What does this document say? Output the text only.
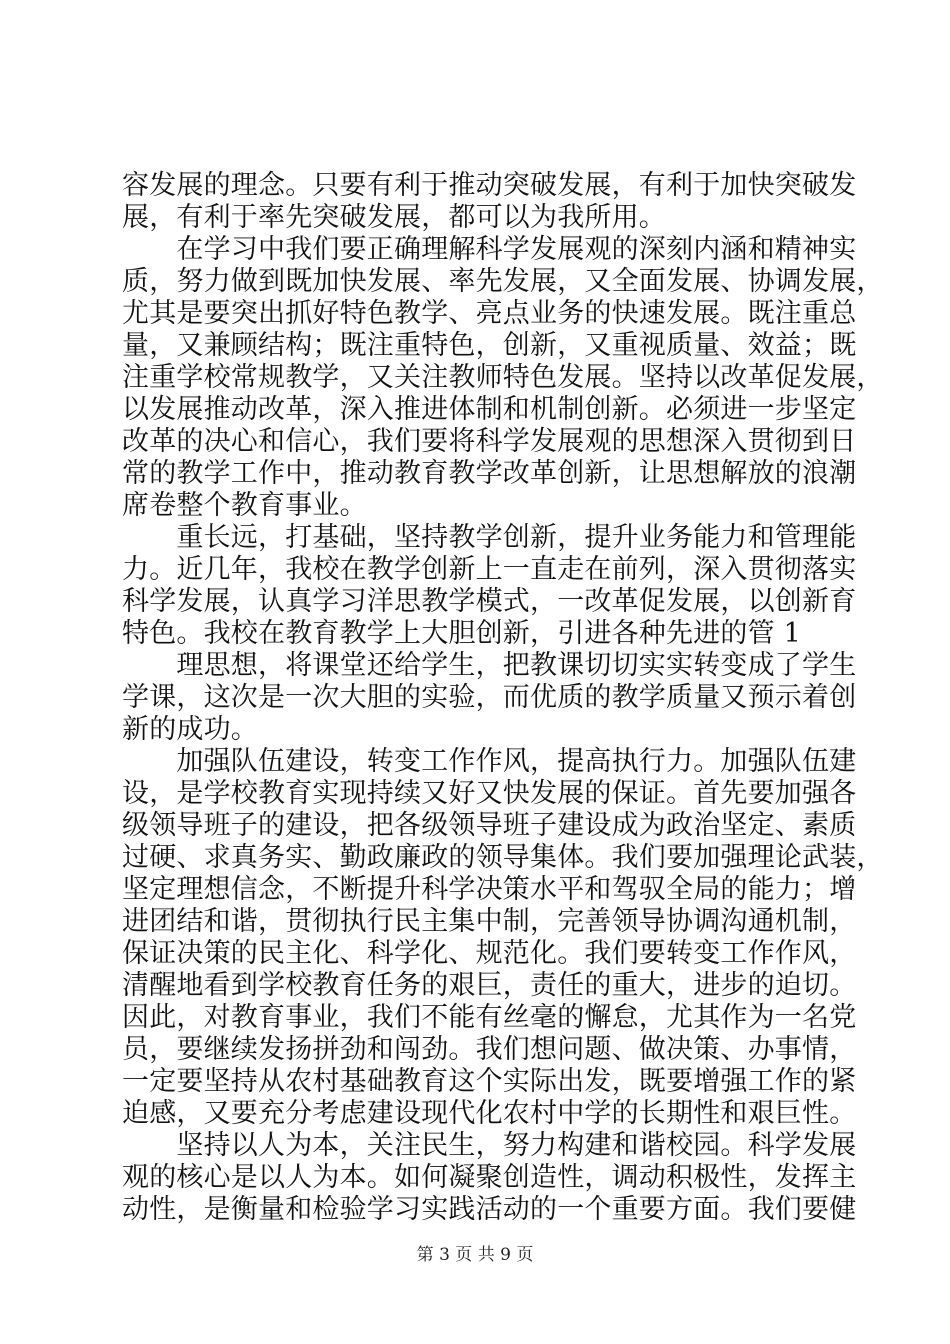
容发展的理念。只要有利于推动突破发展，有利于加快突破发
展，有利于率先突破发展，都可以为我所用。
　　在学习中我们要正确理解科学发展观的深刻内涵和精神实
质，努力做到既加快发展、率先发展，又全面发展、协调发展，
尤其是要突出抓好特色教学、亮点业务的快速发展。既注重总
量，又兼顾结构；既注重特色，创新，又重视质量、效益；既
注重学校常规教学，又关注教师特色发展。坚持以改革促发展，
以发展推动改革，深入推进体制和机制创新。必须进一步坚定
改革的决心和信心，我们要将科学发展观的思想深入贯彻到日
常的教学工作中，推动教育教学改革创新，让思想解放的浪潮
席卷整个教育事业。
　　重长远，打基础，坚持教学创新，提升业务能力和管理能
力。近几年，我校在教学创新上一直走在前列，深入贯彻落实
科学发展，认真学习洋思教学模式，一改革促发展，以创新育
特色。我校在教育教学上大胆创新，引进各种先进的管 1
　　理思想，将课堂还给学生，把教课切切实实转变成了学生
学课，这次是一次大胆的实验，而优质的教学质量又预示着创
新的成功。
　　加强队伍建设，转变工作作风，提高执行力。加强队伍建
设，是学校教育实现持续又好又快发展的保证。首先要加强各
级领导班子的建设，把各级领导班子建设成为政治坚定、素质
过硬、求真务实、勤政廉政的领导集体。我们要加强理论武装，
坚定理想信念，不断提升科学决策水平和驾驭全局的能力；增
进团结和谐，贯彻执行民主集中制，完善领导协调沟通机制，
保证决策的民主化、科学化、规范化。我们要转变工作作风，
清醒地看到学校教育任务的艰巨，责任的重大，进步的迫切。
因此，对教育事业，我们不能有丝毫的懈怠，尤其作为一名党
员，要继续发扬拼劲和闯劲。我们想问题、做决策、办事情，
一定要坚持从农村基础教育这个实际出发，既要增强工作的紧
迫感，又要充分考虑建设现代化农村中学的长期性和艰巨性。
　　坚持以人为本，关注民生，努力构建和谐校园。科学发展
观的核心是以人为本。如何凝聚创造性，调动积极性，发挥主
动性，是衡量和检验学习实践活动的一个重要方面。我们要健
第 3 页 共 9 页
